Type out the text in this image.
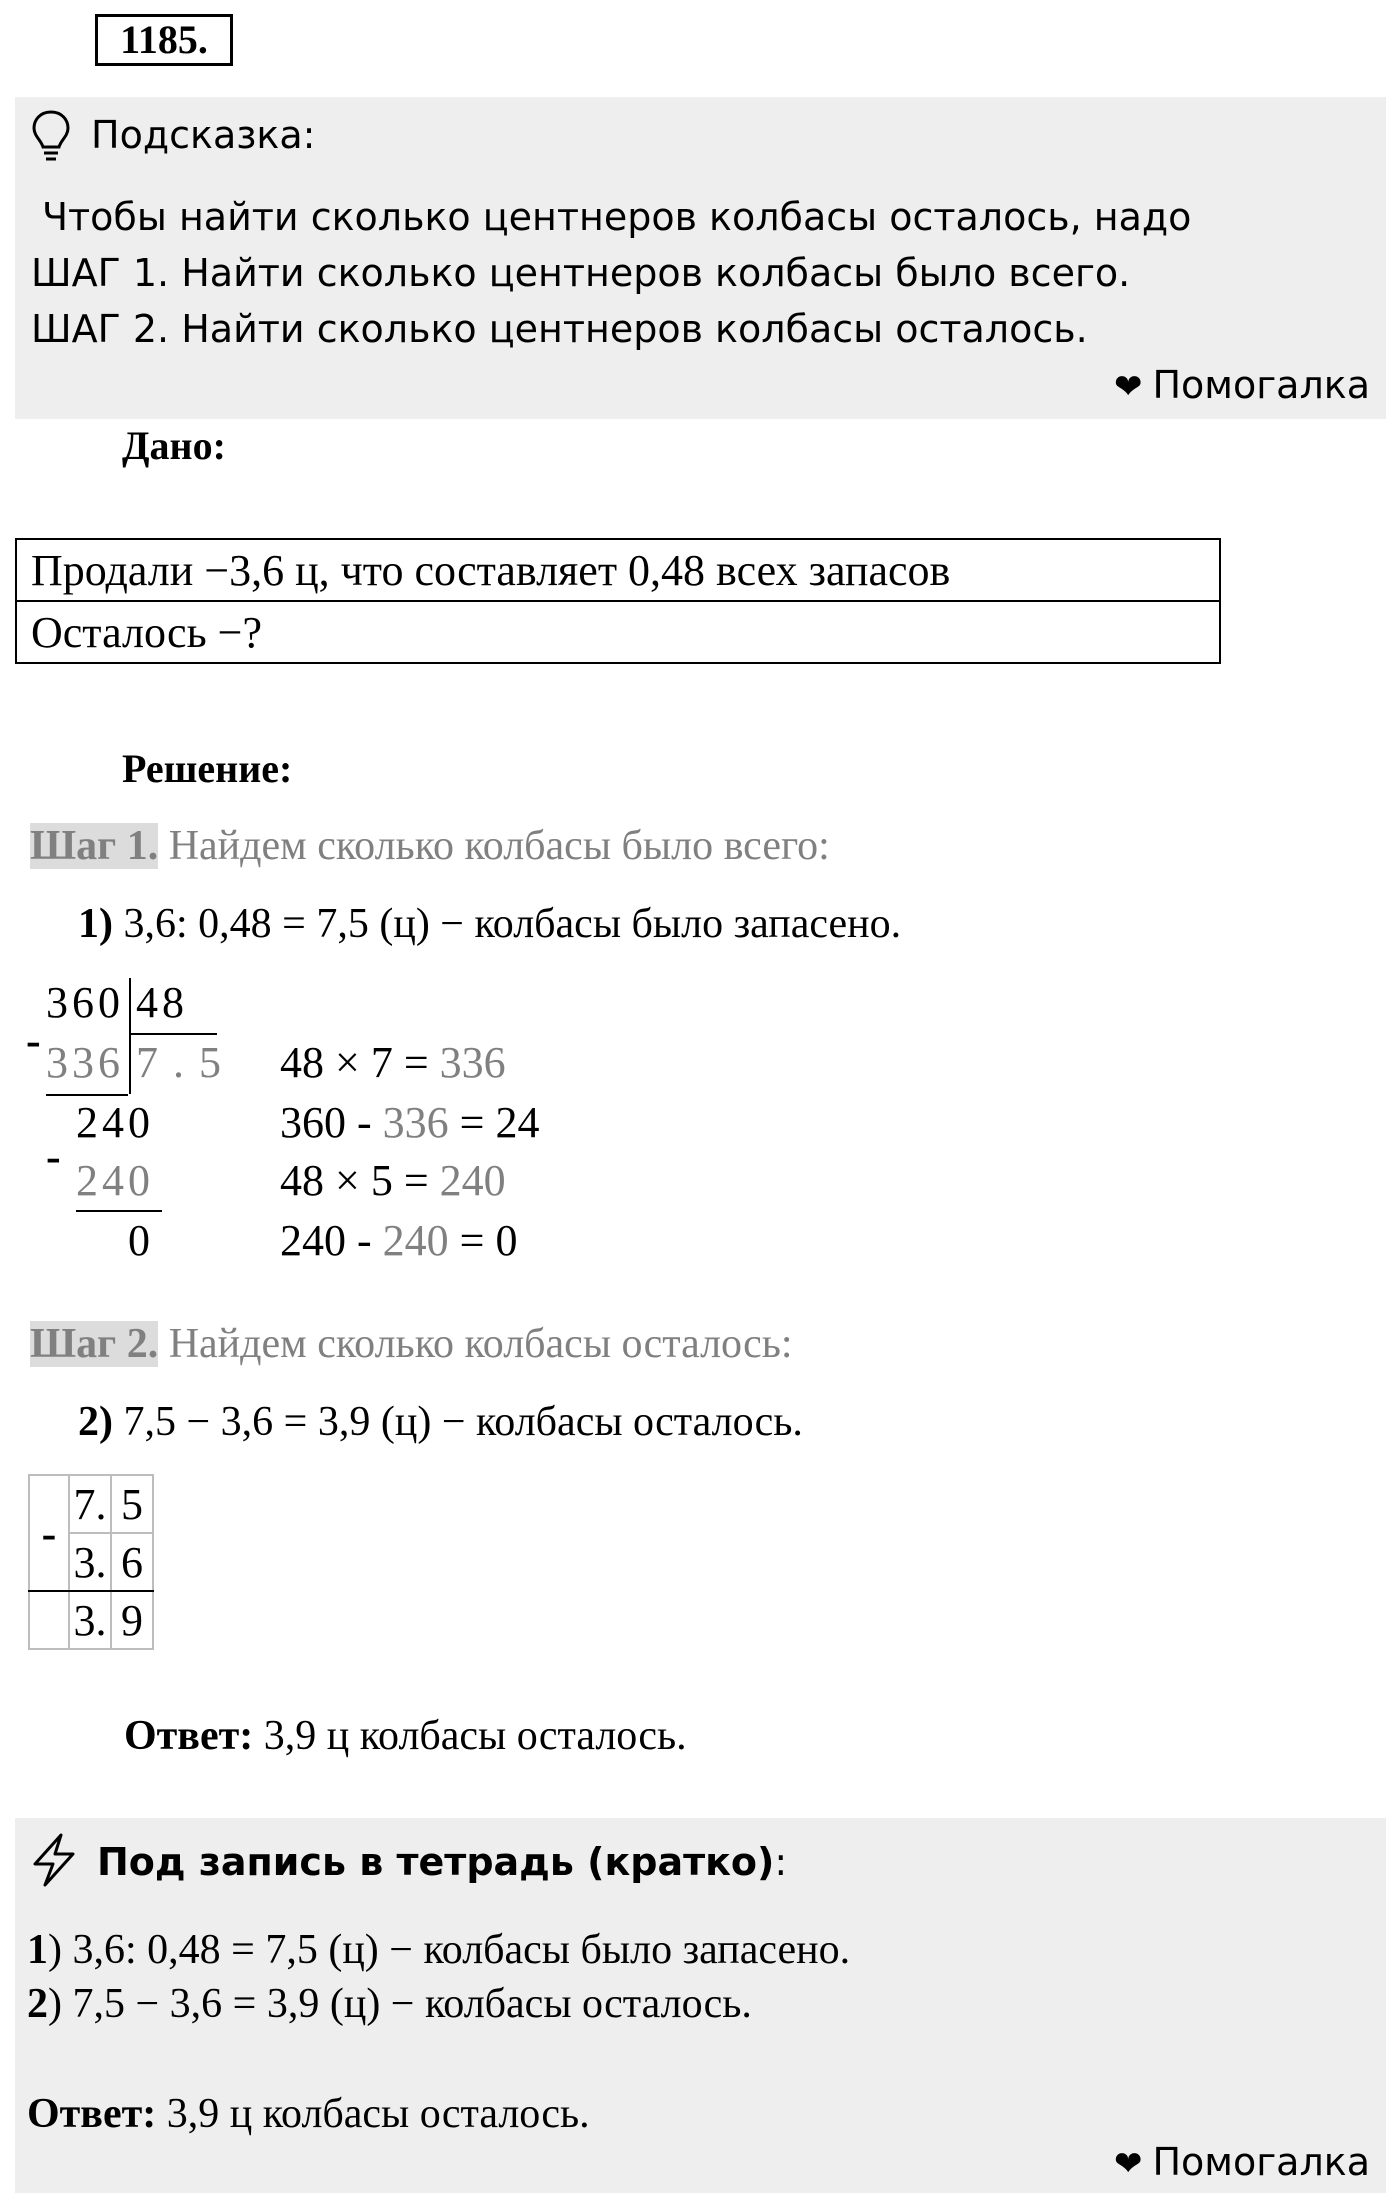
1185.
Подсказка:
Чтобы найти сколько центнеров колбасы осталось, надо
ШАГ 1. Найти сколько центнеров колбасы было всего.
ШАГ 2. Найти сколько центнеров колбасы осталось.
❤ Помогалка
Дано:
Продали −3,6 ц, что составляет 0,48 всех запасов
Осталось −?
Решение:
Шаг 1. Найдем сколько колбасы было всего:
1) 3,6: 0,48 = 7,5 (ц) − колбасы было запасено.
360 48
- 336 7 . 5
240
- 240
0
48 × 7 = 336
360 - 336 = 24
48 × 5 = 240
240 - 240 = 0
Шаг 2. Найдем сколько колбасы осталось:
2) 7,5 − 3,6 = 3,9 (ц) − колбасы осталось.
-	7.	5
	3.	6
	3.	9
Ответ: 3,9 ц колбасы осталось.
Под запись в тетрадь (кратко):
1) 3,6: 0,48 = 7,5 (ц) − колбасы было запасено.
2) 7,5 − 3,6 = 3,9 (ц) − колбасы осталось.
Ответ: 3,9 ц колбасы осталось.
❤ Помогалка
